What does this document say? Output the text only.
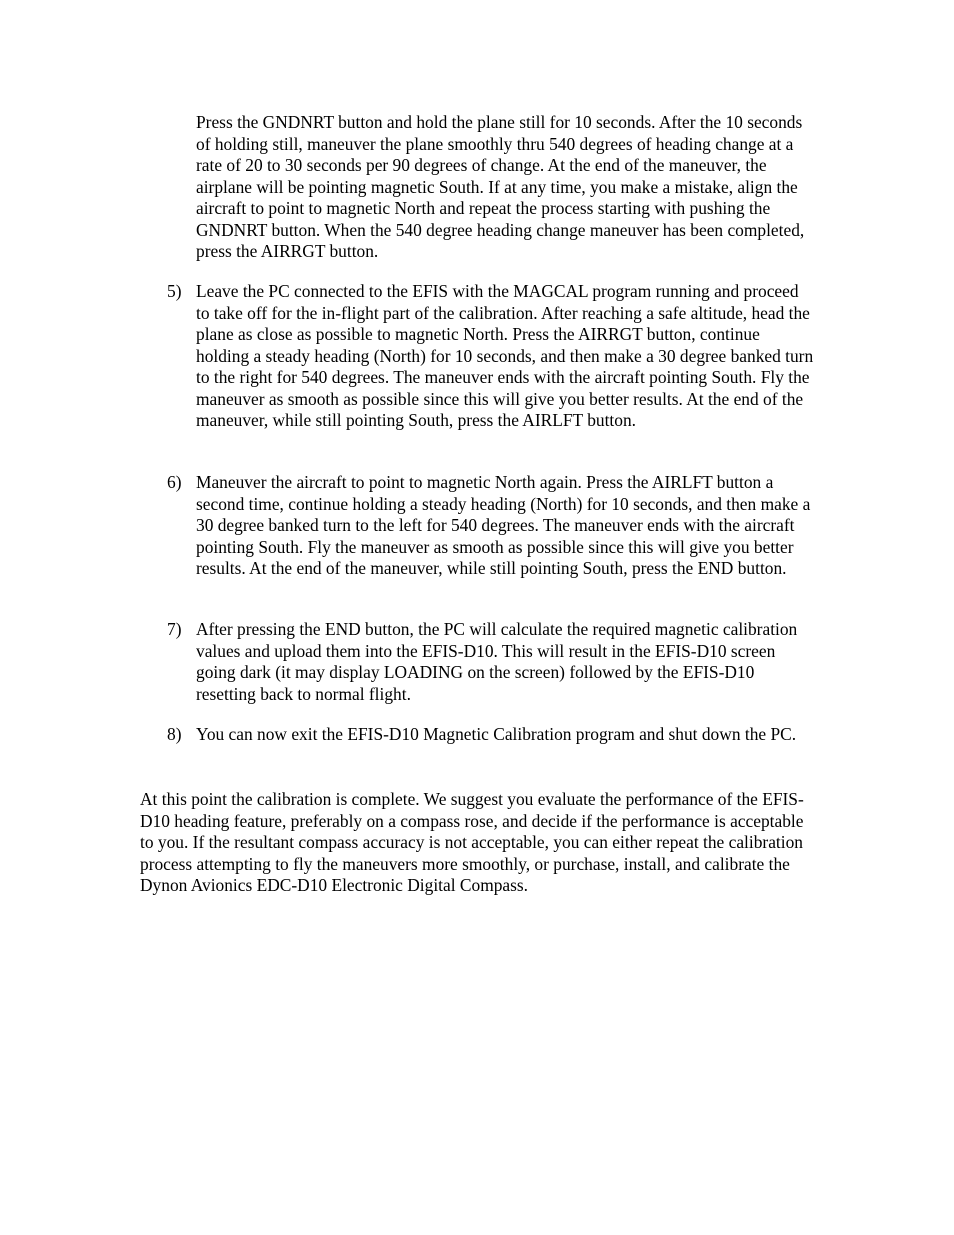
Press the GNDNRT button and hold the plane still for 10 seconds. After the 10 seconds of holding still, maneuver the plane smoothly thru 540 degrees of heading change at a rate of 20 to 30 seconds per 90 degrees of change. At the end of the maneuver, the airplane will be pointing magnetic South. If at any time, you make a mistake, align the aircraft to point to magnetic North and repeat the process starting with pushing the GNDNRT button. When the 540 degree heading change maneuver has been completed, press the AIRRGT button.

5) Leave the PC connected to the EFIS with the MAGCAL program running and proceed to take off for the in-flight part of the calibration. After reaching a safe altitude, head the plane as close as possible to magnetic North. Press the AIRRGT button, continue holding a steady heading (North) for 10 seconds, and then make a 30 degree banked turn to the right for 540 degrees. The maneuver ends with the aircraft pointing South. Fly the maneuver as smooth as possible since this will give you better results. At the end of the maneuver, while still pointing South, press the AIRLFT button.

6) Maneuver the aircraft to point to magnetic North again. Press the AIRLFT button a second time, continue holding a steady heading (North) for 10 seconds, and then make a 30 degree banked turn to the left for 540 degrees. The maneuver ends with the aircraft pointing South. Fly the maneuver as smooth as possible since this will give you better results. At the end of the maneuver, while still pointing South, press the END button.

7) After pressing the END button, the PC will calculate the required magnetic calibration values and upload them into the EFIS-D10. This will result in the EFIS-D10 screen going dark (it may display LOADING on the screen) followed by the EFIS-D10 resetting back to normal flight.

8) You can now exit the EFIS-D10 Magnetic Calibration program and shut down the PC.

At this point the calibration is complete. We suggest you evaluate the performance of the EFIS-D10 heading feature, preferably on a compass rose, and decide if the performance is acceptable to you. If the resultant compass accuracy is not acceptable, you can either repeat the calibration process attempting to fly the maneuvers more smoothly, or purchase, install, and calibrate the Dynon Avionics EDC-D10 Electronic Digital Compass.
